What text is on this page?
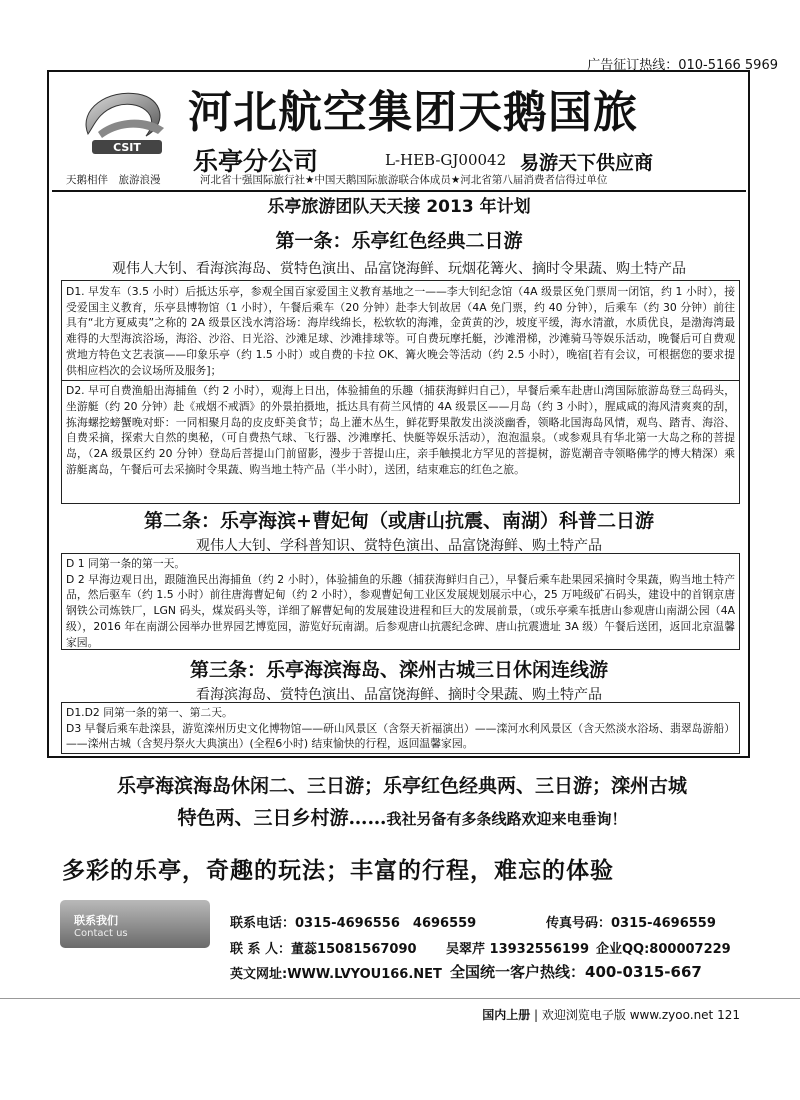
广告征订热线：010-5166 5969
CSIT
河北航空集团天鹅国旅
乐亭分公司	L-HEB-GJ00042 易游天下供应商
天鹅相伴　旅游浪漫	河北省十强国际旅行社★中国天鹅国际旅游联合体成员★河北省第八届消费者信得过单位
乐亭旅游团队天天接 2013 年计划
第一条：乐亭红色经典二日游
观伟人大钊、看海滨海岛、赏特色演出、品富饶海鲜、玩烟花篝火、摘时令果蔬、购土特产品
D1. 早发车（3.5 小时）后抵达乐亭，参观全国百家爱国主义教育基地之一——李大钊纪念馆（4A 级景区免门票周一闭馆，约 1 小时），接受爱国主义教育，乐亭县博物馆（1 小时），午餐后乘车（20 分钟）赴李大钊故居（4A 免门票，约 40 分钟），后乘车（约 30 分钟）前往具有“北方夏威夷”之称的 2A 级景区浅水湾浴场：海岸线绵长，松软软的海滩，金黄黄的沙，坡度平缓，海水清澈，水质优良，是渤海湾最难得的大型海滨浴场，海浴、沙浴、日光浴、沙滩足球、沙滩排球等。可自费玩摩托艇，沙滩滑梯，沙滩骑马等娱乐活动，晚餐后可自费观赏地方特色文艺表演——印象乐亭（约 1.5 小时）或自费的卡拉 OK、篝火晚会等活动（约 2.5 小时），晚宿[若有会议，可根据您的要求提供相应档次的会议场所及服务]；
D2. 早可自费渔船出海捕鱼（约 2 小时），观海上日出，体验捕鱼的乐趣（捕获海鲜归自己），早餐后乘车赴唐山湾国际旅游岛登三岛码头，坐游艇（约 20 分钟）赴《戒烟不戒酒》的外景拍摄地，抵达具有荷兰风情的 4A 级景区——月岛（约 3 小时），腥咸咸的海风清爽爽的刮，拣海螺挖螃蟹晚对虾：一同相聚月岛的皮皮虾美食节；岛上灌木丛生，鲜花野果散发出淡淡幽香，领略北国海岛风情，观鸟、踏青、海浴、自费采摘，探索大自然的奥秘，（可自费热气球、飞行器、沙滩摩托、快艇等娱乐活动），泡泡温泉。（或参观具有华北第一大岛之称的菩提岛，（2A 级景区约 20 分钟）登岛后菩提山门前留影，漫步于菩提山庄，亲手触摸北方罕见的菩提树，游览潮音寺领略佛学的博大精深）乘游艇离岛，午餐后可去采摘时令果蔬、购当地土特产品（半小时），送团，结束难忘的红色之旅。
第二条：乐亭海滨+曹妃甸（或唐山抗震、南湖）科普二日游
观伟人大钊、学科普知识、赏特色演出、品富饶海鲜、购土特产品
D 1 同第一条的第一天。
D 2 早海边观日出，跟随渔民出海捕鱼（约 2 小时），体验捕鱼的乐趣（捕获海鲜归自己），早餐后乘车赴果园采摘时令果蔬，购当地土特产品，然后驱车（约 1.5 小时）前往唐海曹妃甸（约 2 小时），参观曹妃甸工业区发展规划展示中心，25 万吨级矿石码头，建设中的首钢京唐钢铁公司炼铁厂，LGN 码头，煤炭码头等，详细了解曹妃甸的发展建设进程和巨大的发展前景，（或乐亭乘车抵唐山参观唐山南湖公园（4A 级），2016 年在南湖公园举办世界园艺博览园，游览好玩南湖。后参观唐山抗震纪念碑、唐山抗震遗址 3A 级）午餐后送团，返回北京温馨家园。
第三条：乐亭海滨海岛、滦州古城三日休闲连线游
看海滨海岛、赏特色演出、品富饶海鲜、摘时令果蔬、购土特产品
D1.D2 同第一条的第一、第二天。
D3 早餐后乘车赴滦县，游览滦州历史文化博物馆——研山风景区（含祭天祈福演出）——滦河水利风景区（含天然淡水浴场、翡翠岛游船）——滦州古城（含契丹祭火大典演出）(全程6小时) 结束愉快的行程，返回温馨家园。
乐亭海滨海岛休闲二、三日游；乐亭红色经典两、三日游；滦州古城
特色两、三日乡村游……我社另备有多条线路欢迎来电垂询！
多彩的乐亭，奇趣的玩法；丰富的行程，难忘的体验
联系我们
Contact us
联系电话：0315-4696556　4696559	传真号码：0315-4696559
联 系 人：董蕊15081567090 吴翠芹 13932556199 企业QQ:800007229
英文网址:WWW.LVYOU166.NET 全国统一客户热线：400-0315-667
国内上册 | 欢迎浏览电子版 www.zyoo.net 121
